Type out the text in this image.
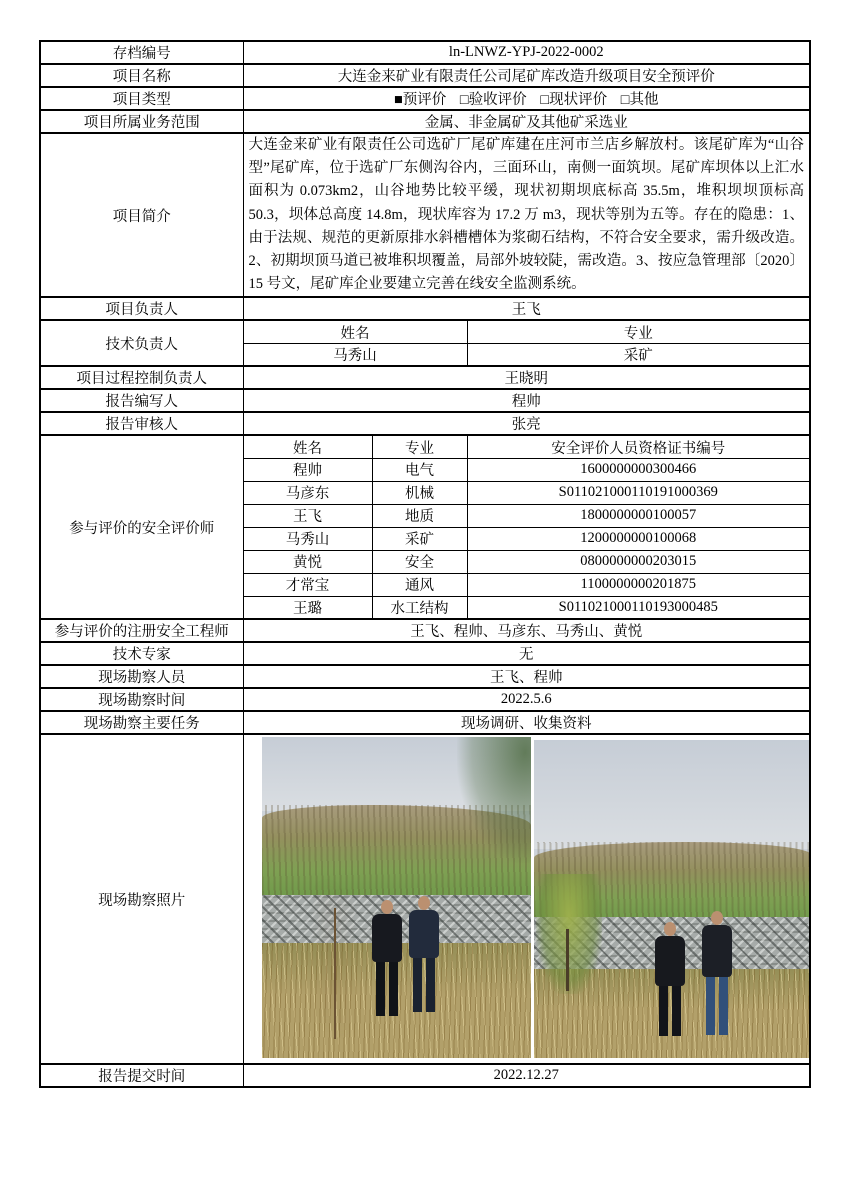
存档编号	ln-LNWZ-YPJ-2022-0002		
项目名称	大连金来矿业有限责任公司尾矿库改造升级项目安全预评价		
项目类型	■预评价 □验收评价 □现状评价 □其他		
项目所属业务范围	金属、非金属矿及其他矿采选业		
项目简介	大连金来矿业有限责任公司选矿厂尾矿库建在庄河市兰店乡解放村。该尾矿库为“山谷型”尾矿库，位于选矿厂东侧沟谷内，三面环山，南侧一面筑坝。尾矿库坝体以上汇水面积为 0.073km2，山谷地势比较平缓，现状初期坝底标高 35.5m，堆积坝坝顶标高 50.3，坝体总高度 14.8m，现状库容为 17.2 万 m3，现状等别为五等。存在的隐患：1、由于法规、规范的更新原排水斜槽槽体为浆砌石结构，不符合安全要求，需升级改造。2、初期坝顶马道已被堆积坝覆盖，局部外坡较陡，需改造。3、按应急管理部〔2020〕15 号文，尾矿库企业要建立完善在线安全监测系统。		
项目负责人	王飞		
技术负责人	姓名		专业
	马秀山		采矿
项目过程控制负责人	王晓明		
报告编写人	程帅		
报告审核人	张亮		
参与评价的安全评价师	姓名	专业	安全评价人员资格证书编号
	程帅	电气	1600000000300466
	马彦东	机械	S011021000110191000369
	王飞	地质	1800000000100057
	马秀山	采矿	1200000000100068
	黄悦	安全	0800000000203015
	才常宝	通风	1100000000201875
	王璐	水工结构	S011021000110193000485
参与评价的注册安全工程师	王飞、程帅、马彦东、马秀山、黄悦		
技术专家	无		
现场勘察人员	王飞、程帅		
现场勘察时间	2022.5.6		
现场勘察主要任务	现场调研、收集资料		
现场勘察照片			

报告提交时间	2022.12.27		
